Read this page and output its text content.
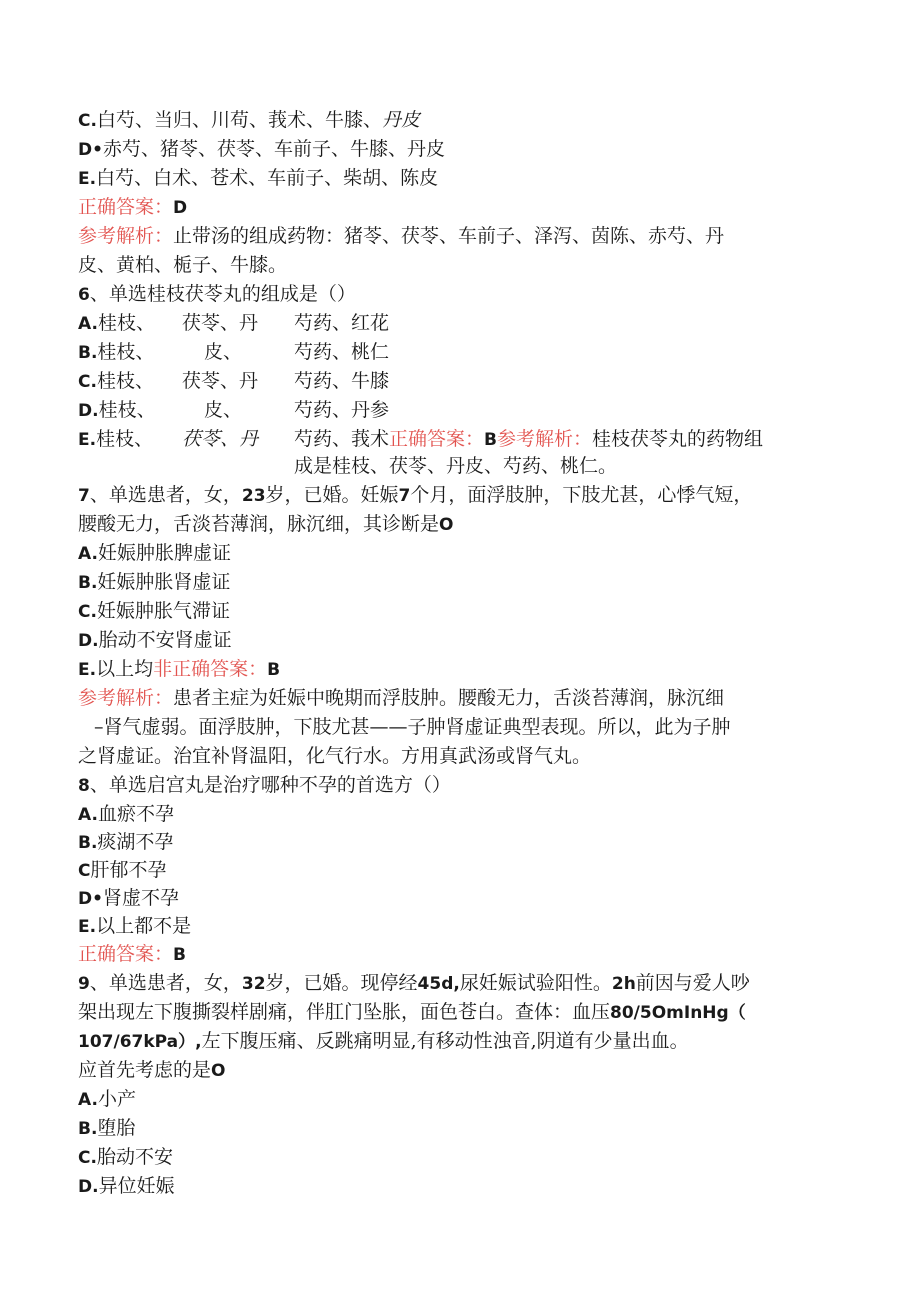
C.白芍、当归、川苟、莪术、牛膝、丹皮
D•赤芍、猪苓、茯苓、车前子、牛膝、丹皮
E.白芍、白术、苍术、车前子、柴胡、陈皮
正确答案：D
参考解析：止带汤的组成药物：猪苓、茯苓、车前子、泽泻、茵陈、赤芍、丹
皮、黄柏、栀子、牛膝。
6、单选桂枝茯苓丸的组成是（）
A.桂枝、 茯苓、丹 芍药、红花
B.桂枝、	皮、	芍药、桃仁
C.桂枝、 茯苓、丹 芍药、牛膝
D.桂枝、	皮、	芍药、丹参
E.桂枝、 茯苓、丹 芍药、莪术正确答案：B参考解析：桂枝茯苓丸的药物组
成是桂枝、茯苓、丹皮、芍药、桃仁。
7、单选患者，女，23岁，已婚。妊娠7个月，面浮肢肿，下肢尤甚，心悸气短，
腰酸无力，舌淡苔薄润，脉沉细，其诊断是O
A.妊娠肿胀脾虚证
B.妊娠肿胀肾虚证
C.妊娠肿胀气滞证
D.胎动不安肾虚证
E.以上均非正确答案：B
参考解析：患者主症为妊娠中晚期而浮肢肿。腰酸无力，舌淡苔薄润，脉沉细
–肾气虚弱。面浮肢肿，下肢尤甚——子肿肾虚证典型表现。所以，此为子肿
之肾虚证。治宜补肾温阳，化气行水。方用真武汤或肾气丸。
8、单选启宫丸是治疗哪种不孕的首选方（）
A.血瘀不孕
B.痰湖不孕
C肝郁不孕
D•肾虚不孕
E.以上都不是
正确答案：B
9、单选患者，女，32岁，已婚。现停经45d,尿妊娠试验阳性。2h前因与爱人吵
架出现左下腹撕裂样剧痛，伴肛门坠胀，面色苍白。查体：血压80/5OmInHg（
107/67kPa）,左下腹压痛、反跳痛明显,有移动性浊音,阴道有少量出血。
应首先考虑的是O
A.小产
B.堕胎
C.胎动不安
D.异位妊娠
